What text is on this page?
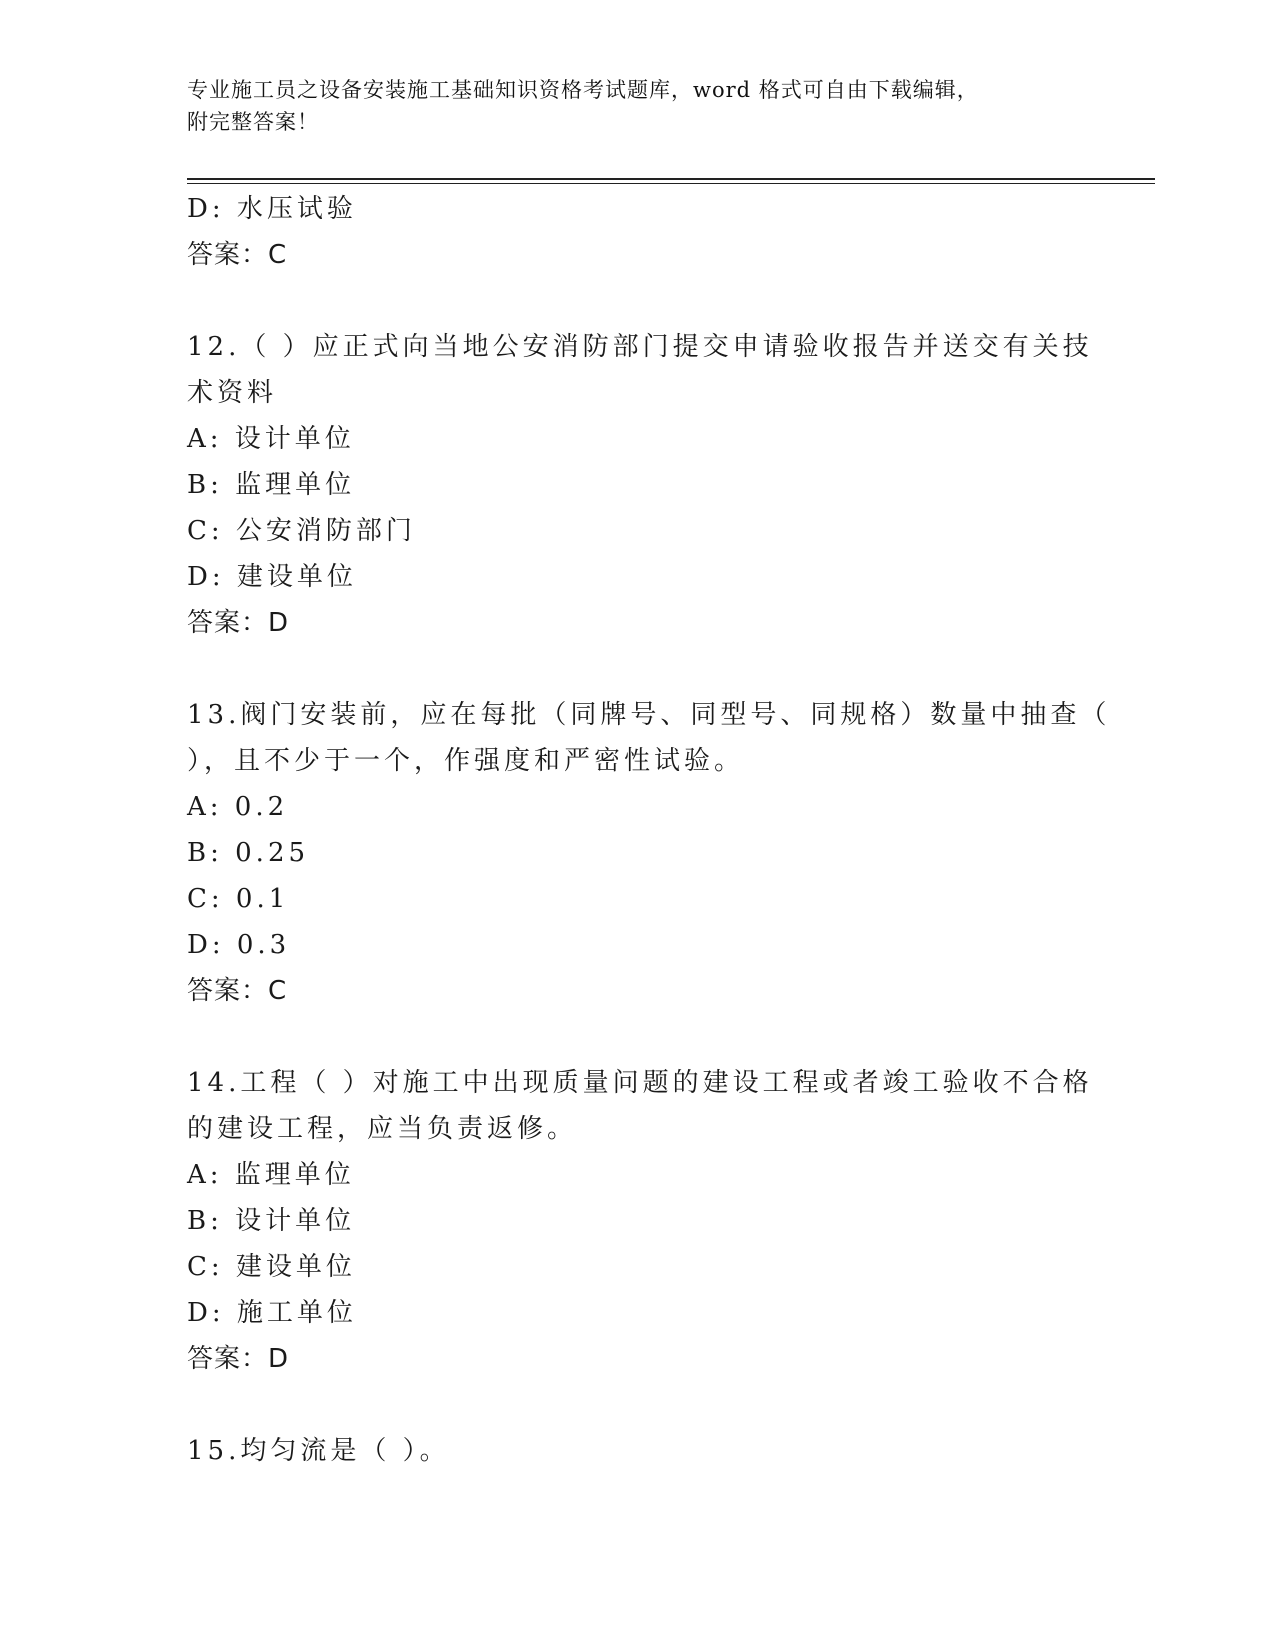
专业施工员之设备安装施工基础知识资格考试题库，word 格式可自由下载编辑，
附完整答案！
D: 水压试验
答案：C
12.（ ）应正式向当地公安消防部门提交申请验收报告并送交有关技
术资料
A: 设计单位
B: 监理单位
C: 公安消防部门
D: 建设单位
答案：D
13.阀门安装前，应在每批（同牌号、同型号、同规格）数量中抽查（
），且不少于一个，作强度和严密性试验。
A: 0.2
B: 0.25
C: 0.1
D: 0.3
答案：C
14.工程（ ）对施工中出现质量问题的建设工程或者竣工验收不合格
的建设工程，应当负责返修。
A: 监理单位
B: 设计单位
C: 建设单位
D: 施工单位
答案：D
15.均匀流是（ ）。
